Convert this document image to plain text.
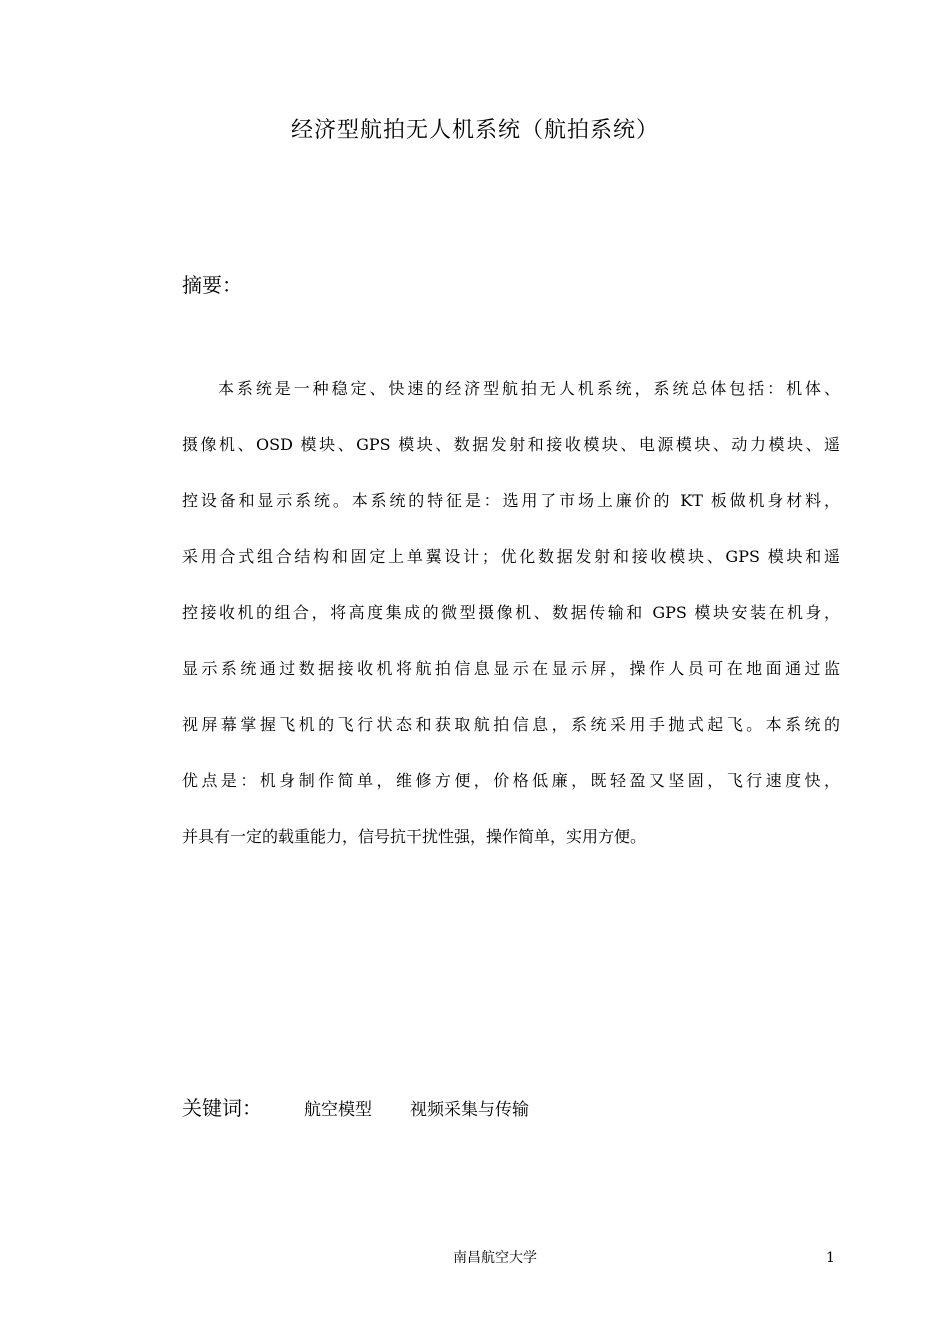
经济型航拍无人机系统（航拍系统）
摘要：
本系统是一种稳定、快速的经济型航拍无人机系统，系统总体包括：机体、
摄像机、OSD 模块、GPS 模块、数据发射和接收模块、电源模块、动力模块、遥
控设备和显示系统。本系统的特征是：选用了市场上廉价的 KT 板做机身材料，
采用合式组合结构和固定上单翼设计；优化数据发射和接收模块、GPS 模块和遥
控接收机的组合，将高度集成的微型摄像机、数据传输和 GPS 模块安装在机身，
显示系统通过数据接收机将航拍信息显示在显示屏，操作人员可在地面通过监
视屏幕掌握飞机的飞行状态和获取航拍信息，系统采用手抛式起飞。本系统的
优点是：机身制作简单，维修方便，价格低廉，既轻盈又坚固，飞行速度快，
并具有一定的载重能力，信号抗干扰性强，操作简单，实用方便。
关键词：	航空模型 视频采集与传输
南昌航空大学	1
